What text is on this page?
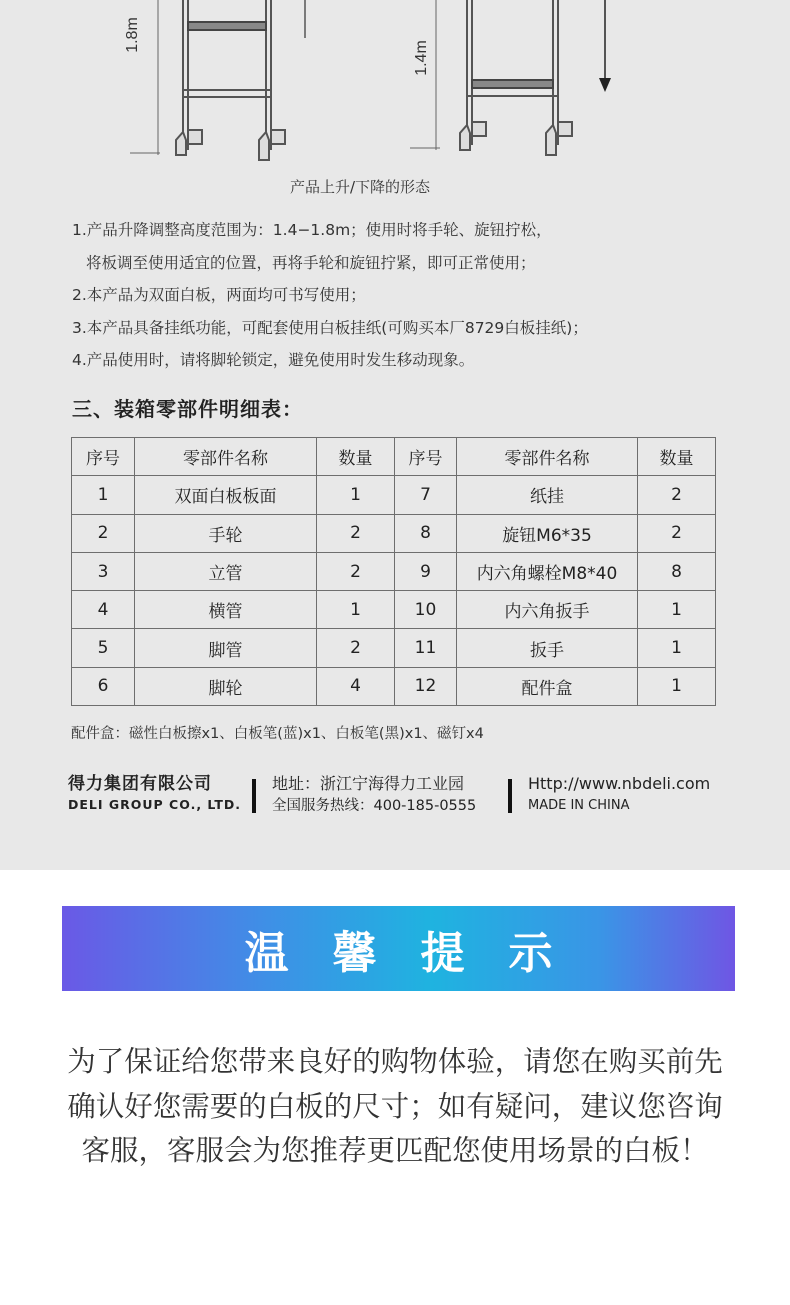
1.8m
1.4m
产品上升/下降的形态
1.产品升降调整高度范围为：1.4−1.8m；使用时将手轮、旋钮拧松，
将板调至使用适宜的位置，再将手轮和旋钮拧紧，即可正常使用；
2.本产品为双面白板，两面均可书写使用；
3.本产品具备挂纸功能，可配套使用白板挂纸(可购买本厂8729白板挂纸)；
4.产品使用时，请将脚轮锁定，避免使用时发生移动现象。
三、装箱零部件明细表：
序号	零部件名称	数量	序号	零部件名称	数量
1	双面白板板面	1	7	纸挂	2
2	手轮	2	8	旋钮M6*35	2
3	立管	2	9	内六角螺栓M8*40	8
4	横管	1	10	内六角扳手	1
5	脚管	2	11	扳手	1
6	脚轮	4	12	配件盒	1
配件盒：磁性白板擦x1、白板笔(蓝)x1、白板笔(黑)x1、磁钉x4
得力集团有限公司
DELI GROUP CO., LTD.
地址：浙江宁海得力工业园
全国服务热线：400-185-0555
Http://www.nbdeli.com
MADE IN CHINA
温馨提示
为了保证给您带来良好的购物体验，请您在购买前先确认好您需要的白板的尺寸；如有疑问，建议您咨询客服，客服会为您推荐更匹配您使用场景的白板！
